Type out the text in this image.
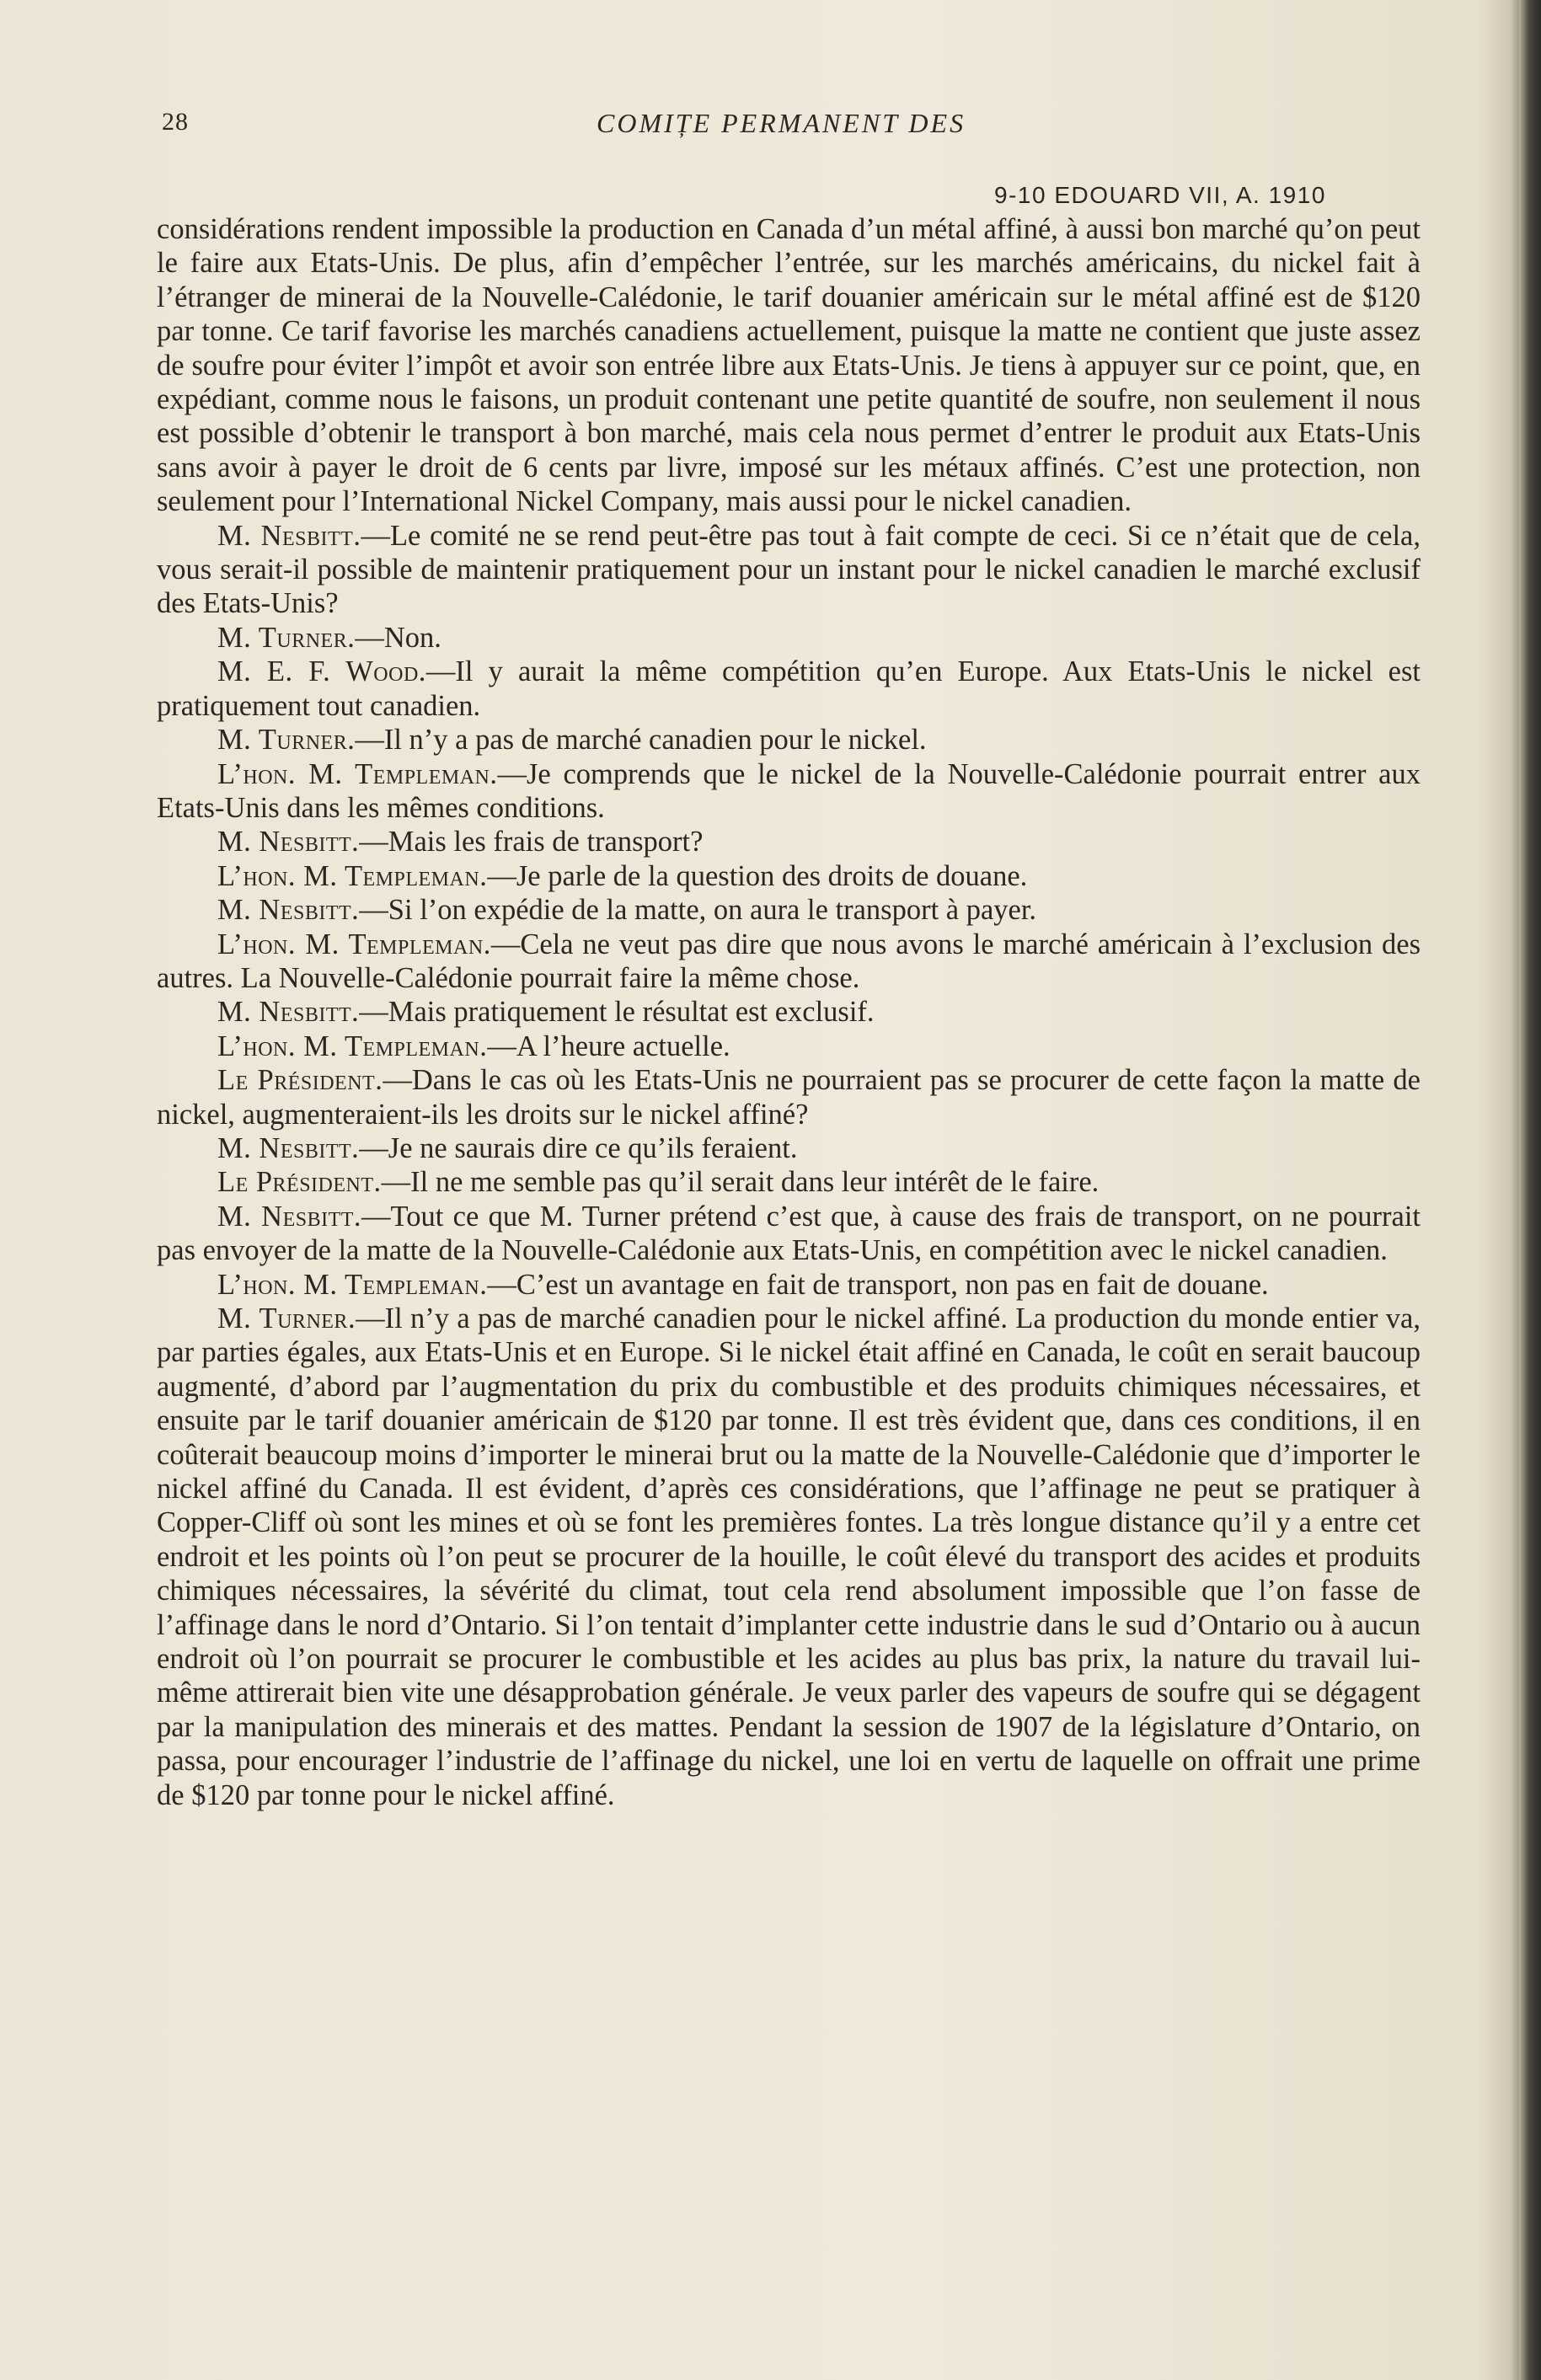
28	COMIȚE PERMANENT DES
9-10 EDOUARD VII, A. 1910

considérations rendent impossible la production en Canada d’un métal affiné, à aussi bon marché qu’on peut le faire aux Etats-Unis. De plus, afin d’empêcher l’entrée, sur les marchés américains, du nickel fait à l’étranger de minerai de la Nouvelle-Calédonie, le tarif douanier américain sur le métal affiné est de $120 par tonne. Ce tarif favorise les marchés canadiens actuellement, puisque la matte ne contient que juste assez de soufre pour éviter l’impôt et avoir son entrée libre aux Etats-Unis. Je tiens à appuyer sur ce point, que, en expédiant, comme nous le faisons, un produit contenant une petite quantité de soufre, non seulement il nous est possible d’obtenir le transport à bon marché, mais cela nous permet d’entrer le produit aux Etats-Unis sans avoir à payer le droit de 6 cents par livre, imposé sur les métaux affinés. C’est une protection, non seulement pour l’International Nickel Company, mais aussi pour le nickel canadien.

M. Nesbitt.—Le comité ne se rend peut-être pas tout à fait compte de ceci. Si ce n’était que de cela, vous serait-il possible de maintenir pratiquement pour un instant pour le nickel canadien le marché exclusif des Etats-Unis?

M. Turner.—Non.

M. E. F. Wood.—Il y aurait la même compétition qu’en Europe. Aux Etats-Unis le nickel est pratiquement tout canadien.

M. Turner.—Il n’y a pas de marché canadien pour le nickel.

L’hon. M. Templeman.—Je comprends que le nickel de la Nouvelle-Calédonie pourrait entrer aux Etats-Unis dans les mêmes conditions.

M. Nesbitt.—Mais les frais de transport?

L’hon. M. Templeman.—Je parle de la question des droits de douane.

M. Nesbitt.—Si l’on expédie de la matte, on aura le transport à payer.

L’hon. M. Templeman.—Cela ne veut pas dire que nous avons le marché américain à l’exclusion des autres. La Nouvelle-Calédonie pourrait faire la même chose.

M. Nesbitt.—Mais pratiquement le résultat est exclusif.

L’hon. M. Templeman.—A l’heure actuelle.

Le Président.—Dans le cas où les Etats-Unis ne pourraient pas se procurer de cette façon la matte de nickel, augmenteraient-ils les droits sur le nickel affiné?

M. Nesbitt.—Je ne saurais dire ce qu’ils feraient.

Le Président.—Il ne me semble pas qu’il serait dans leur intérêt de le faire.

M. Nesbitt.—Tout ce que M. Turner prétend c’est que, à cause des frais de transport, on ne pourrait pas envoyer de la matte de la Nouvelle-Calédonie aux Etats-Unis, en compétition avec le nickel canadien.

L’hon. M. Templeman.—C’est un avantage en fait de transport, non pas en fait de douane.

M. Turner.—Il n’y a pas de marché canadien pour le nickel affiné. La production du monde entier va, par parties égales, aux Etats-Unis et en Europe. Si le nickel était affiné en Canada, le coût en serait baucoup augmenté, d’abord par l’augmentation du prix du combustible et des produits chimiques nécessaires, et ensuite par le tarif douanier américain de $120 par tonne. Il est très évident que, dans ces conditions, il en coûterait beaucoup moins d’importer le minerai brut ou la matte de la Nouvelle-Calédonie que d’importer le nickel affiné du Canada. Il est évident, d’après ces considérations, que l’affinage ne peut se pratiquer à Copper-Cliff où sont les mines et où se font les premières fontes. La très longue distance qu’il y a entre cet endroit et les points où l’on peut se procurer de la houille, le coût élevé du transport des acides et produits chimiques nécessaires, la sévérité du climat, tout cela rend absolument impossible que l’on fasse de l’affinage dans le nord d’Ontario. Si l’on tentait d’implanter cette industrie dans le sud d’Ontario ou à aucun endroit où l’on pourrait se procurer le combustible et les acides au plus bas prix, la nature du travail lui-même attirerait bien vite une désapprobation générale. Je veux parler des vapeurs de soufre qui se dégagent par la manipulation des minerais et des mattes. Pendant la session de 1907 de la législature d’Ontario, on passa, pour encourager l’industrie de l’affinage du nickel, une loi en vertu de laquelle on offrait une prime de $120 par tonne pour le nickel affiné.
